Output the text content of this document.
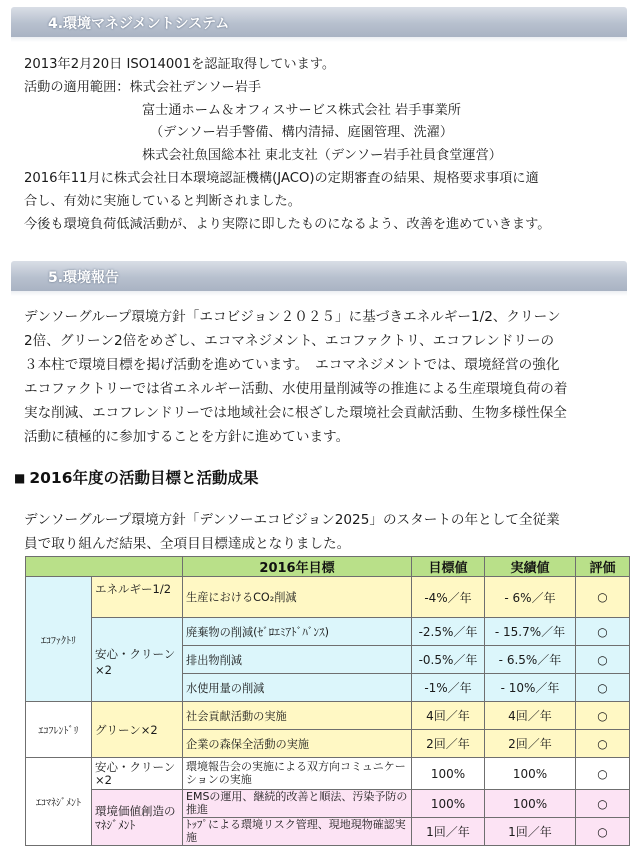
4.環境マネジメントシステム

2013年2月20日 ISO14001を認証取得しています。

活動の適用範囲：株式会社デンソー岩手

富士通ホーム＆オフィスサービス株式会社 岩手事業所

（デンソー岩手警備、構内清掃、庭園管理、洗濯）

株式会社魚国総本社 東北支社（デンソー岩手社員食堂運営）

2016年11月に株式会社日本環境認証機構(JACO)の定期審査の結果、規格要求事項に適

合し、有効に実施していると判断されました。

今後も環境負荷低減活動が、より実際に即したものになるよう、改善を進めていきます。

5.環境報告

デンソーグループ環境方針「エコビジョン２０２５」に基づきエネルギー1/2、クリーン

2倍、グリーン2倍をめざし、エコマネジメント、エコファクトリ、エコフレンドリーの

３本柱で環境目標を掲げ活動を進めています。　エコマネジメントでは、環境経営の強化

エコファクトリーでは省エネルギー活動、水使用量削減等の推進による生産環境負荷の着

実な削減、エコフレンドリーでは地域社会に根ざした環境社会貢献活動、生物多様性保全

活動に積極的に参加することを方針に進めています。

■ 2016年度の活動目標と活動成果

デンソーグループ環境方針「デンソーエコビジョン2025」のスタートの年として全従業

員で取り組んだ結果、全項目目標達成となりました。

		2016年目標	目標値	実績値	評価
ｴｺﾌｧｸﾄﾘ	エネルギー1/2	生産におけるCO₂削減	-4%／年	- 6%／年	○
	安心・クリーン×2	廃棄物の削減(ｾﾞﾛｴﾐｱﾄﾞﾊﾞﾝｽ)	-2.5%／年	- 15.7%／年	○
		排出物削減	-0.5%／年	- 6.5%／年	○
		水使用量の削減	-1%／年	- 10%／年	○
ｴｺﾌﾚﾝﾄﾞﾘ	グリーン×2	社会貢献活動の実施	4回／年	4回／年	○
		企業の森保全活動の実施	2回／年	2回／年	○
ｴｺﾏﾈｼﾞﾒﾝﾄ	安心・クリーン×2	環境報告会の実施による双方向コミュニケーションの実施	100%	100%	○
	環境価値創造のﾏﾈｼﾞﾒﾝﾄ	EMSの運用、継続的改善と順法、汚染予防の推進	100%	100%	○
		ﾄｯﾌﾟによる環境リスク管理、現地現物確認実施	1回／年	1回／年	○
